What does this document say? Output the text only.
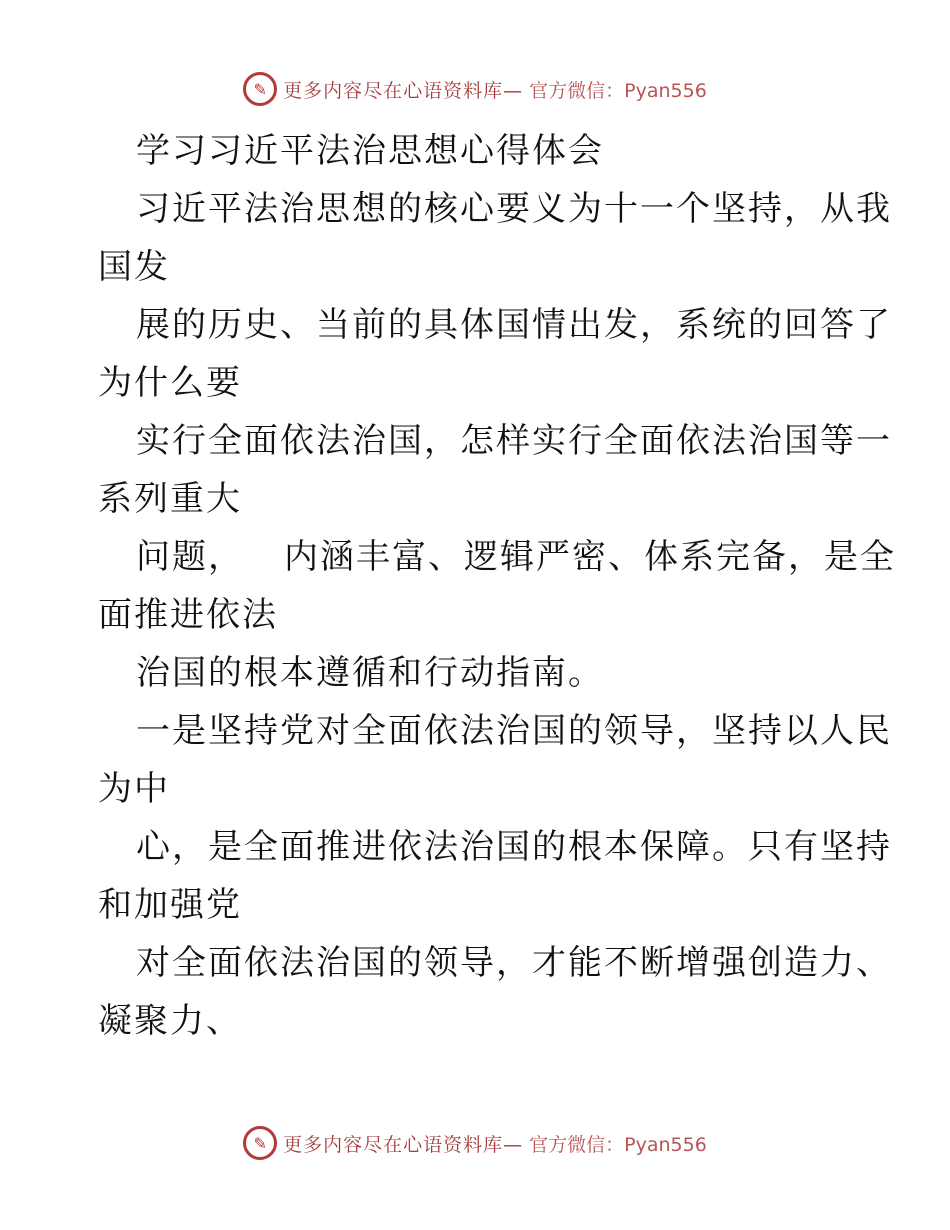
✎ 更多内容尽在心语资料库— 官方微信：Pyan556
学习习近平法治思想心得体会
习近平法治思想的核心要义为十一个坚持，从我
国发
展的历史、当前的具体国情出发，系统的回答了
为什么要
实行全面依法治国，怎样实行全面依法治国等一
系列重大
问题， 内涵丰富、逻辑严密、体系完备，是全
面推进依法
治国的根本遵循和行动指南。
一是坚持党对全面依法治国的领导，坚持以人民
为中
心，是全面推进依法治国的根本保障。只有坚持
和加强党
对全面依法治国的领导，才能不断增强创造力、
凝聚力、
✎ 更多内容尽在心语资料库— 官方微信：Pyan556
